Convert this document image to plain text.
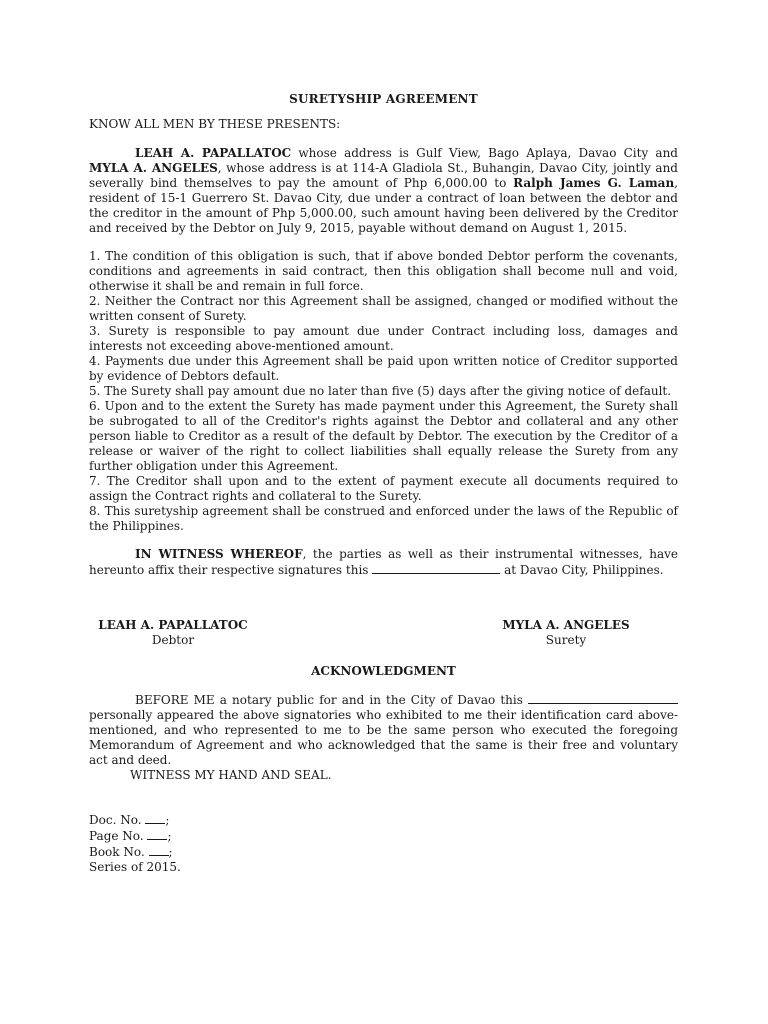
SURETYSHIP AGREEMENT

KNOW ALL MEN BY THESE PRESENTS:

LEAH A. PAPALLATOC whose address is Gulf View, Bago Aplaya, Davao City and MYLA A. ANGELES, whose address is at 114-A Gladiola St., Buhangin, Davao City, jointly and severally bind themselves to pay the amount of Php 6,000.00 to Ralph James G. Laman, resident of 15-1 Guerrero St. Davao City, due under a contract of loan between the debtor and the creditor in the amount of Php 5,000.00, such amount having been delivered by the Creditor and received by the Debtor on July 9, 2015, payable without demand on August 1, 2015.

1. The condition of this obligation is such, that if above bonded Debtor perform the covenants, conditions and agreements in said contract, then this obligation shall become null and void, otherwise it shall be and remain in full force.

2. Neither the Contract nor this Agreement shall be assigned, changed or modified without the written consent of Surety.

3. Surety is responsible to pay amount due under Contract including loss, damages and interests not exceeding above-mentioned amount.

4. Payments due under this Agreement shall be paid upon written notice of Creditor supported by evidence of Debtors default.

5. The Surety shall pay amount due no later than five (5) days after the giving notice of default.

6. Upon and to the extent the Surety has made payment under this Agreement, the Surety shall be subrogated to all of the Creditor's rights against the Debtor and collateral and any other person liable to Creditor as a result of the default by Debtor. The execution by the Creditor of a release or waiver of the right to collect liabilities shall equally release the Surety from any further obligation under this Agreement.

7. The Creditor shall upon and to the extent of payment execute all documents required to assign the Contract rights and collateral to the Surety.

8. This suretyship agreement shall be construed and enforced under the laws of the Republic of the Philippines.

IN WITNESS WHEREOF, the parties as well as their instrumental witnesses, have hereunto affix their respective signatures this	at Davao City, Philippines.

LEAH A. PAPALLATOC
Debtor
MYLA A. ANGELES
Surety

ACKNOWLEDGMENT

BEFORE ME a notary public for and in the City of Davao this  personally appeared the above signatories who exhibited to me their identification card above-mentioned, and who represented to me to be the same person who executed the foregoing Memorandum of Agreement and who acknowledged that the same is their free and voluntary act and deed.

WITNESS MY HAND AND SEAL.

Doc. No. ;

Page No. ;

Book No. ;

Series of 2015.
